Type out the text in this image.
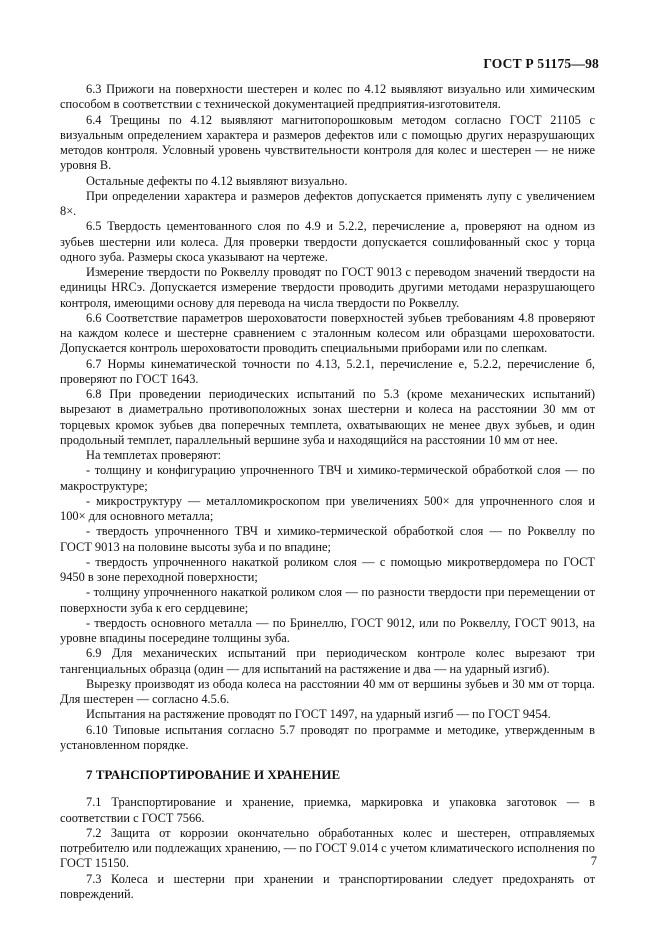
ГОСТ Р 51175—98

6.3 Прижоги на поверхности шестерен и колес по 4.12 выявляют визуально или химическим способом в соответствии с технической документацией предприятия-изготовителя.

6.4 Трещины по 4.12 выявляют магнитопорошковым методом согласно ГОСТ 21105 с визуальным определением характера и размеров дефектов или с помощью других неразрушающих методов контроля. Условный уровень чувствительности контроля для колес и шестерен — не ниже уровня В.

Остальные дефекты по 4.12 выявляют визуально.

При определении характера и размеров дефектов допускается применять лупу с увеличением 8×.

6.5 Твердость цементованного слоя по 4.9 и 5.2.2, перечисление а, проверяют на одном из зубьев шестерни или колеса. Для проверки твердости допускается сошлифованный скос у торца одного зуба. Размеры скоса указывают на чертеже.

Измерение твердости по Роквеллу проводят по ГОСТ 9013 с переводом значений твердости на единицы HRCэ. Допускается измерение твердости проводить другими методами неразрушающего контроля, имеющими основу для перевода на числа твердости по Роквеллу.

6.6 Соответствие параметров шероховатости поверхностей зубьев требованиям 4.8 проверяют на каждом колесе и шестерне сравнением с эталонным колесом или образцами шероховатости. Допускается контроль шероховатости проводить специальными приборами или по слепкам.

6.7 Нормы кинематической точности по 4.13, 5.2.1, перечисление е, 5.2.2, перечисление б, проверяют по ГОСТ 1643.

6.8 При проведении периодических испытаний по 5.3 (кроме механических испытаний) вырезают в диаметрально противоположных зонах шестерни и колеса на расстоянии 30 мм от торцевых кромок зубьев два поперечных темплета, охватывающих не менее двух зубьев, и один продольный темплет, параллельный вершине зуба и находящийся на расстоянии 10 мм от нее.

На темплетах проверяют:

- толщину и конфигурацию упрочненного ТВЧ и химико-термической обработкой слоя — по макроструктуре;

- микроструктуру — металломикроскопом при увеличениях 500× для упрочненного слоя и 100× для основного металла;

- твердость упрочненного ТВЧ и химико-термической обработкой слоя — по Роквеллу по ГОСТ 9013 на половине высоты зуба и по впадине;

- твердость упрочненного накаткой роликом слоя — с помощью микротвердомера по ГОСТ 9450 в зоне переходной поверхности;

- толщину упрочненного накаткой роликом слоя — по разности твердости при перемещении от поверхности зуба к его сердцевине;

- твердость основного металла — по Бринеллю, ГОСТ 9012, или по Роквеллу, ГОСТ 9013, на уровне впадины посередине толщины зуба.

6.9 Для механических испытаний при периодическом контроле колес вырезают три тангенциальных образца (один — для испытаний на растяжение и два — на ударный изгиб).

Вырезку производят из обода колеса на расстоянии 40 мм от вершины зубьев и 30 мм от торца. Для шестерен — согласно 4.5.6.

Испытания на растяжение проводят по ГОСТ 1497, на ударный изгиб — по ГОСТ 9454.

6.10 Типовые испытания согласно 5.7 проводят по программе и методике, утвержденным в установленном порядке.

7 ТРАНСПОРТИРОВАНИЕ И ХРАНЕНИЕ

7.1 Транспортирование и хранение, приемка, маркировка и упаковка заготовок — в соответствии с ГОСТ 7566.

7.2 Защита от коррозии окончательно обработанных колес и шестерен, отправляемых потребителю или подлежащих хранению, — по ГОСТ 9.014 с учетом климатического исполнения по ГОСТ 15150.

7.3 Колеса и шестерни при хранении и транспортировании следует предохранять от повреждений.

7
